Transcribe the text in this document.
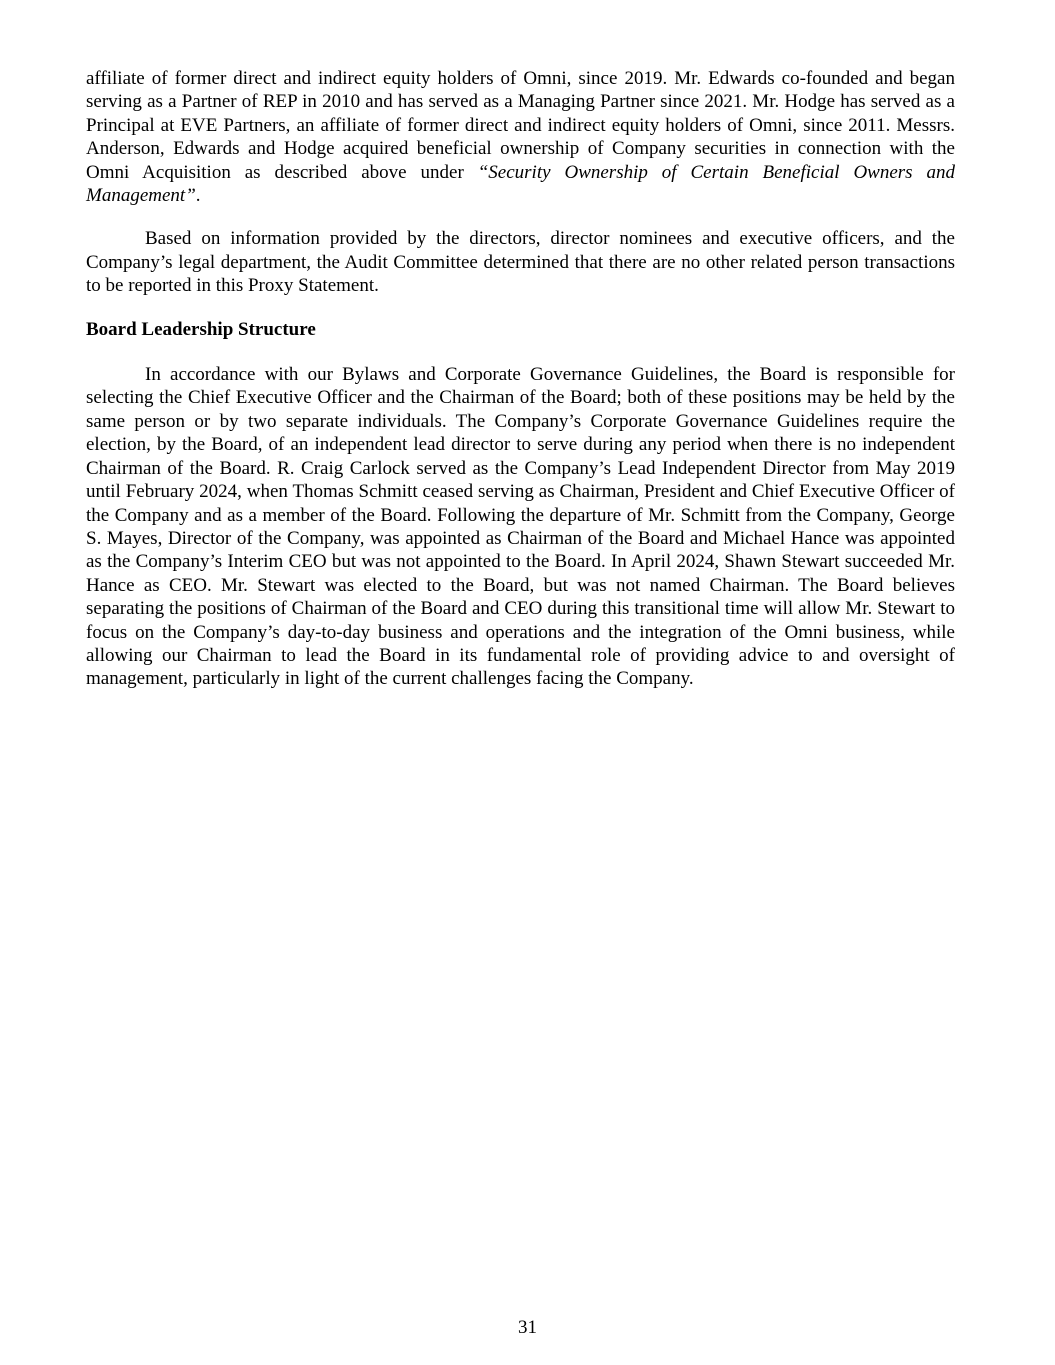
affiliate of former direct and indirect equity holders of Omni, since 2019. Mr. Edwards co-founded and began serving as a Partner of REP in 2010 and has served as a Managing Partner since 2021. Mr. Hodge has served as a Principal at EVE Partners, an affiliate of former direct and indirect equity holders of Omni, since 2011. Messrs. Anderson, Edwards and Hodge acquired beneficial ownership of Company securities in connection with the Omni Acquisition as described above under “Security Ownership of Certain Beneficial Owners and Management”.

Based on information provided by the directors, director nominees and executive officers, and the Company’s legal department, the Audit Committee determined that there are no other related person transactions to be reported in this Proxy Statement.

Board Leadership Structure

In accordance with our Bylaws and Corporate Governance Guidelines, the Board is responsible for selecting the Chief Executive Officer and the Chairman of the Board; both of these positions may be held by the same person or by two separate individuals. The Company’s Corporate Governance Guidelines require the election, by the Board, of an independent lead director to serve during any period when there is no independent Chairman of the Board. R. Craig Carlock served as the Company’s Lead Independent Director from May 2019 until February 2024, when Thomas Schmitt ceased serving as Chairman, President and Chief Executive Officer of the Company and as a member of the Board. Following the departure of Mr. Schmitt from the Company, George S. Mayes, Director of the Company, was appointed as Chairman of the Board and Michael Hance was appointed as the Company’s Interim CEO but was not appointed to the Board. In April 2024, Shawn Stewart succeeded Mr. Hance as CEO. Mr. Stewart was elected to the Board, but was not named Chairman. The Board believes separating the positions of Chairman of the Board and CEO during this transitional time will allow Mr. Stewart to focus on the Company’s day-to-day business and operations and the integration of the Omni business, while allowing our Chairman to lead the Board in its fundamental role of providing advice to and oversight of management, particularly in light of the current challenges facing the Company.

31
